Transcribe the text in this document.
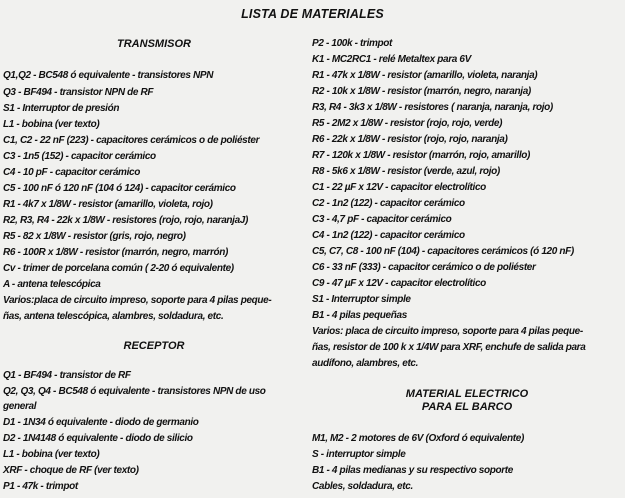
LISTA DE MATERIALES
TRANSMISOR
Q1,Q2 - BC548 ó equivalente - transistores NPN
Q3 - BF494 - transistor NPN de RF
S1 - Interruptor de presión
L1 - bobina (ver texto)
C1, C2 - 22 nF (223) - capacitores cerámicos o de poliéster
C3 - 1n5 (152) - capacitor cerámico
C4 - 10 pF - capacitor cerámico
C5 - 100 nF ó 120 nF (104 ó 124) - capacitor cerámico
R1 - 4k7 x 1/8W - resistor (amarillo, violeta, rojo)
R2, R3, R4 - 22k x 1/8W - resistores (rojo, rojo, naranjaJ)
R5 - 82 x 1/8W - resistor (gris, rojo, negro)
R6 - 100R x 1/8W - resistor (marrón, negro, marrón)
Cv - trimer de porcelana común ( 2-20 ó equivalente)
A - antena telescópica
Varios:placa de circuito impreso, soporte para 4 pilas peque-
ñas, antena telescópica, alambres, soldadura, etc.
RECEPTOR
Q1 - BF494 - transistor de RF
Q2, Q3, Q4 - BC548 ó equivalente - transistores NPN de uso
general
D1 - 1N34 ó equivalente - diodo de germanio
D2 - 1N4148 ó equivalente - diodo de silicio
L1 - bobina (ver texto)
XRF - choque de RF (ver texto)
P1 - 47k - trimpot
P2 - 100k - trimpot
K1 - MC2RC1 - relé Metaltex para 6V
R1 - 47k x 1/8W - resistor (amarillo, violeta, naranja)
R2 - 10k x 1/8W - resistor (marrón, negro, naranja)
R3, R4 - 3k3 x 1/8W - resistores ( naranja, naranja, rojo)
R5 - 2M2 x 1/8W - resistor (rojo, rojo, verde)
R6 - 22k x 1/8W - resistor (rojo, rojo, naranja)
R7 - 120k x 1/8W - resistor (marrón, rojo, amarillo)
R8 - 5k6 x 1/8W - resistor (verde, azul, rojo)
C1 - 22 µF x 12V - capacitor electrolítico
C2 - 1n2 (122) - capacitor cerámico
C3 - 4,7 pF - capacitor cerámico
C4 - 1n2 (122) - capacitor cerámico
C5, C7, C8 - 100 nF (104) - capacitores cerámicos (ó 120 nF)
C6 - 33 nF (333) - capacitor cerámico o de poliéster
C9 - 47 µF x 12V - capacitor electrolítico
S1 - Interruptor simple
B1 - 4 pilas pequeñas
Varios: placa de circuito impreso, soporte para 4 pilas peque-
ñas, resistor de 100 k x 1/4W para XRF, enchufe de salida para
audífono, alambres, etc.
MATERIAL ELECTRICO
PARA EL BARCO
M1, M2 - 2 motores de 6V (Oxford ó equivalente)
S - interruptor simple
B1 - 4 pilas medianas y su respectivo soporte
Cables, soldadura, etc.
